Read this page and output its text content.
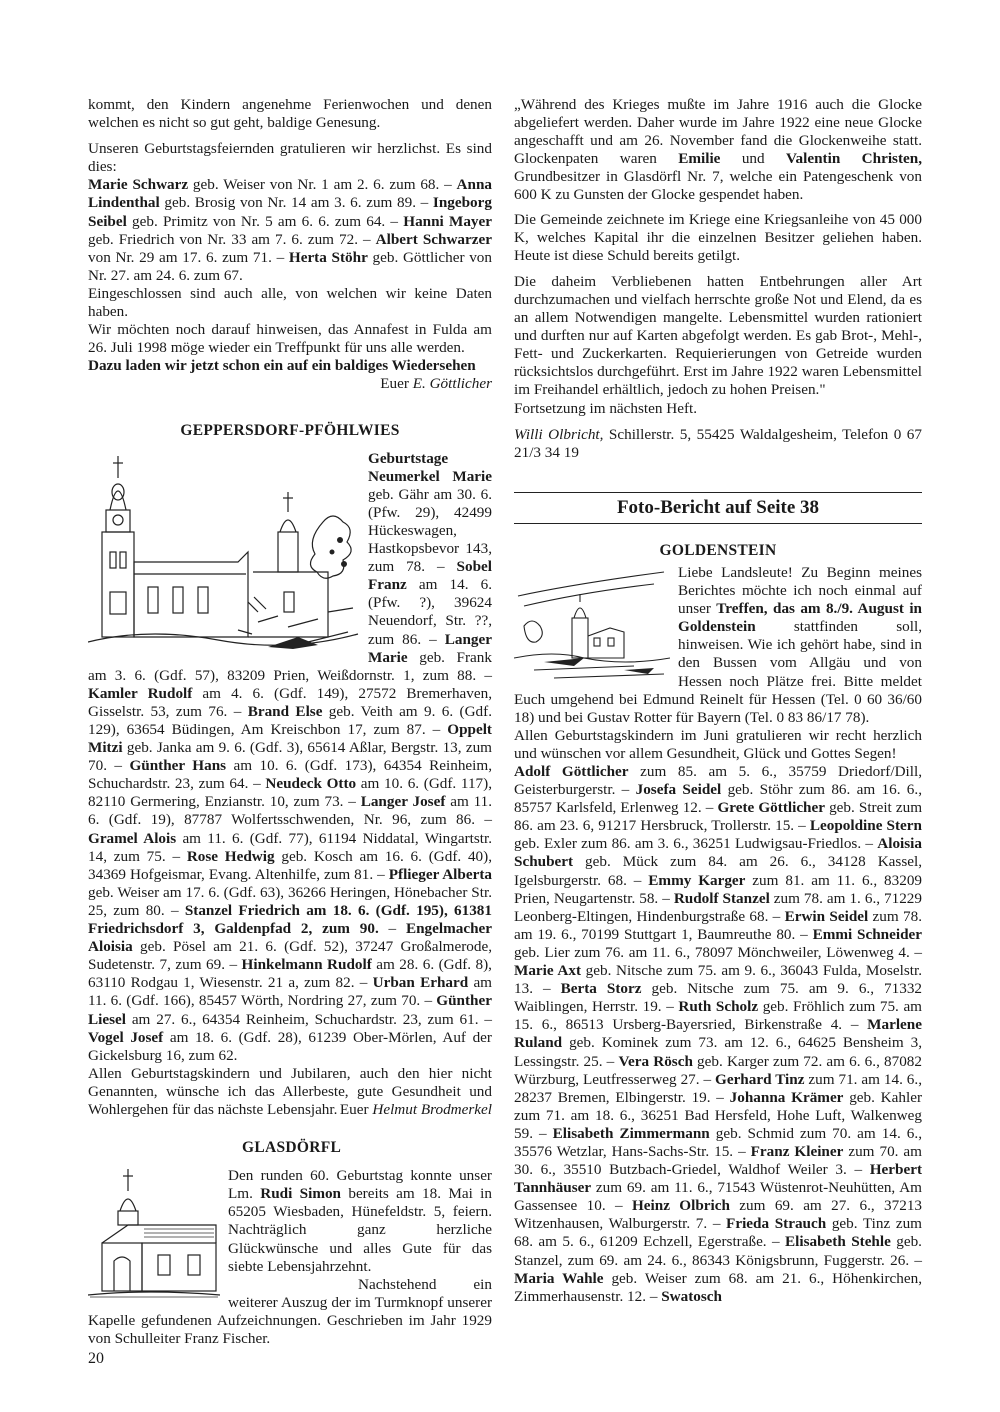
kommt, den Kindern angenehme Ferienwochen und denen welchen es nicht so gut geht, baldige Genesung.

Unseren Geburtstagsfeiernden gratulieren wir herzlichst. Es sind dies:

Marie Schwarz geb. Weiser von Nr. 1 am 2. 6. zum 68. – Anna Lindenthal geb. Brosig von Nr. 14 am 3. 6. zum 89. – Ingeborg Seibel geb. Primitz von Nr. 5 am 6. 6. zum 64. – Hanni Mayer geb. Friedrich von Nr. 33 am 7. 6. zum 72. – Albert Schwarzer von Nr. 29 am 17. 6. zum 71. – Herta Stöhr geb. Göttlicher von Nr. 27. am 24. 6. zum 67.

Eingeschlossen sind auch alle, von welchen wir keine Daten haben.

Wir möchten noch darauf hinweisen, das Annafest in Fulda am 26. Juli 1998 möge wieder ein Treffpunkt für uns alle werden.

Dazu laden wir jetzt schon ein auf ein baldiges Wiedersehen

Euer E. Göttlicher

GEPPERSDORF-PFÖHLWIES

Geburtstage Neumerkel Marie geb. Gähr am 30. 6. (Pfw. 29), 42499 Hückeswagen, Hastkopsbevor 143, zum 78. – Sobel Franz am 14. 6. (Pfw. ?), 39624 Neuendorf, Str. ??, zum 86. – Langer Marie geb. Frank am 3. 6. (Gdf. 57), 83209 Prien, Weißdornstr. 1, zum 88. – Kamler Rudolf am 4. 6. (Gdf. 149), 27572 Bremerhaven, Gisselstr. 53, zum 76. – Brand Else geb. Veith am 9. 6. (Gdf. 129), 63654 Büdingen, Am Kreischbon 17, zum 87. – Oppelt Mitzi geb. Janka am 9. 6. (Gdf. 3), 65614 Aßlar, Bergstr. 13, zum 70. – Günther Hans am 10. 6. (Gdf. 173), 64354 Reinheim, Schuchardstr. 23, zum 64. – Neudeck Otto am 10. 6. (Gdf. 117), 82110 Germering, Enzianstr. 10, zum 73. – Langer Josef am 11. 6. (Gdf. 19), 87787 Wolfertsschwenden, Nr. 96, zum 86. – Gramel Alois am 11. 6. (Gdf. 77), 61194 Niddatal, Wingartstr. 14, zum 75. – Rose Hedwig geb. Kosch am 16. 6. (Gdf. 40), 34369 Hofgeismar, Evang. Altenhilfe, zum 81. – Pflieger Alberta geb. Weiser am 17. 6. (Gdf. 63), 36266 Heringen, Hönebacher Str. 25, zum 80. – Stanzel Friedrich am 18. 6. (Gdf. 195), 61381 Friedrichsdorf 3, Galdenpfad 2, zum 90. – Engelmacher Aloisia geb. Pösel am 21. 6. (Gdf. 52), 37247 Großalmerode, Sudetenstr. 7, zum 69. – Hinkelmann Rudolf am 28. 6. (Gdf. 8), 63110 Rodgau 1, Wiesenstr. 21 a, zum 82. – Urban Erhard am 11. 6. (Gdf. 166), 85457 Wörth, Nordring 27, zum 70. – Günther Liesel am 27. 6., 64354 Reinheim, Schuchardstr. 23, zum 61. – Vogel Josef am 18. 6. (Gdf. 28), 61239 Ober-Mörlen, Auf der Gickelsburg 16, zum 62.

Allen Geburtstagskindern und Jubilaren, auch den hier nicht Genannten, wünsche ich das Allerbeste, gute Gesundheit und Wohlergehen für das nächste Lebensjahr. Euer Helmut Brodmerkel

GLASDÖRFL

Den runden 60. Geburtstag konnte unser Lm. Rudi Simon bereits am 18. Mai in 65205 Wiesbaden, Hünefeldstr. 5, feiern. Nachträglich ganz herzliche Glückwünsche und alles Gute für das siebte Lebensjahrzehnt.

Nachstehend ein weiterer Auszug der im Turmknopf unserer Kapelle gefundenen Aufzeichnungen. Geschrieben im Jahr 1929 von Schulleiter Franz Fischer.

„Während des Krieges mußte im Jahre 1916 auch die Glocke abgeliefert werden. Daher wurde im Jahre 1922 eine neue Glocke angeschafft und am 26. November fand die Glockenweihe statt. Glockenpaten waren Emilie und Valentin Christen, Grundbesitzer in Glasdörfl Nr. 7, welche ein Patengeschenk von 600 K zu Gunsten der Glocke gespendet haben.

Die Gemeinde zeichnete im Kriege eine Kriegsanleihe von 45 000 K, welches Kapital ihr die einzelnen Besitzer geliehen haben. Heute ist diese Schuld bereits getilgt.

Die daheim Verbliebenen hatten Entbehrungen aller Art durchzumachen und vielfach herrschte große Not und Elend, da es an allem Notwendigen mangelte. Lebensmittel wurden rationiert und durften nur auf Karten abgefolgt werden. Es gab Brot-, Mehl-, Fett- und Zuckerkarten. Requierierungen von Getreide wurden rücksichtslos durchgeführt. Erst im Jahre 1922 waren Lebensmittel im Freihandel erhältlich, jedoch zu hohen Preisen."

Fortsetzung im nächsten Heft.

Willi Olbricht, Schillerstr. 5, 55425 Waldalgesheim, Telefon 0 67 21/3 34 19

Foto-Bericht auf Seite 38
GOLDENSTEIN

Liebe Landsleute! Zu Beginn meines Berichtes möchte ich noch einmal auf unser Treffen, das am 8./9. August in Goldenstein stattfinden soll, hinweisen. Wie ich gehört habe, sind in den Bussen vom Allgäu und von Hessen noch Plätze frei. Bitte meldet Euch umgehend bei Edmund Reinelt für Hessen (Tel. 0 60 36/60 18) und bei Gustav Rotter für Bayern (Tel. 0 83 86/17 78).

Allen Geburtstagskindern im Juni gratulieren wir recht herzlich und wünschen vor allem Gesundheit, Glück und Gottes Segen!

Adolf Göttlicher zum 85. am 5. 6., 35759 Driedorf/Dill, Geisterburgerstr. – Josefa Seidel geb. Stöhr zum 86. am 16. 6., 85757 Karlsfeld, Erlenweg 12. – Grete Göttlicher geb. Streit zum 86. am 23. 6, 91217 Hersbruck, Trollerstr. 15. – Leopoldine Stern geb. Exler zum 86. am 3. 6., 36251 Ludwigsau-Friedlos. – Aloisia Schubert geb. Mück zum 84. am 26. 6., 34128 Kassel, Igelsburgerstr. 68. – Emmy Karger zum 81. am 11. 6., 83209 Prien, Neugartenstr. 58. – Rudolf Stanzel zum 78. am 1. 6., 71229 Leonberg-Eltingen, Hindenburgstraße 68. – Erwin Seidel zum 78. am 19. 6., 70199 Stuttgart 1, Baumreuthe 80. – Emmi Schneider geb. Lier zum 76. am 11. 6., 78097 Mönchweiler, Löwenweg 4. – Marie Axt geb. Nitsche zum 75. am 9. 6., 36043 Fulda, Moselstr. 13. – Berta Storz geb. Nitsche zum 75. am 9. 6., 71332 Waiblingen, Herrstr. 19. – Ruth Scholz geb. Fröhlich zum 75. am 15. 6., 86513 Ursberg-Bayersried, Birkenstraße 4. – Marlene Ruland geb. Kominek zum 73. am 12. 6., 64625 Bensheim 3, Lessingstr. 25. – Vera Rösch geb. Karger zum 72. am 6. 6., 87082 Würzburg, Leutfresserweg 27. – Gerhard Tinz zum 71. am 14. 6., 28237 Bremen, Elbingerstr. 19. – Johanna Krämer geb. Kahler zum 71. am 18. 6., 36251 Bad Hersfeld, Hohe Luft, Walkenweg 59. – Elisabeth Zimmermann geb. Schmid zum 70. am 14. 6., 35576 Wetzlar, Hans-Sachs-Str. 15. – Franz Kleiner zum 70. am 30. 6., 35510 Butzbach-Griedel, Waldhof Weiler 3. – Herbert Tannhäuser zum 69. am 11. 6., 71543 Wüstenrot-Neuhütten, Am Gassensee 10. – Heinz Olbrich zum 69. am 27. 6., 37213 Witzenhausen, Walburgerstr. 7. – Frieda Strauch geb. Tinz zum 68. am 5. 6., 61209 Echzell, Egerstraße. – Elisabeth Stehle geb. Stanzel, zum 69. am 24. 6., 86343 Königsbrunn, Fuggerstr. 26. – Maria Wahle geb. Weiser zum 68. am 21. 6., Höhenkirchen, Zimmerhausenstr. 12. – Swatosch

20
